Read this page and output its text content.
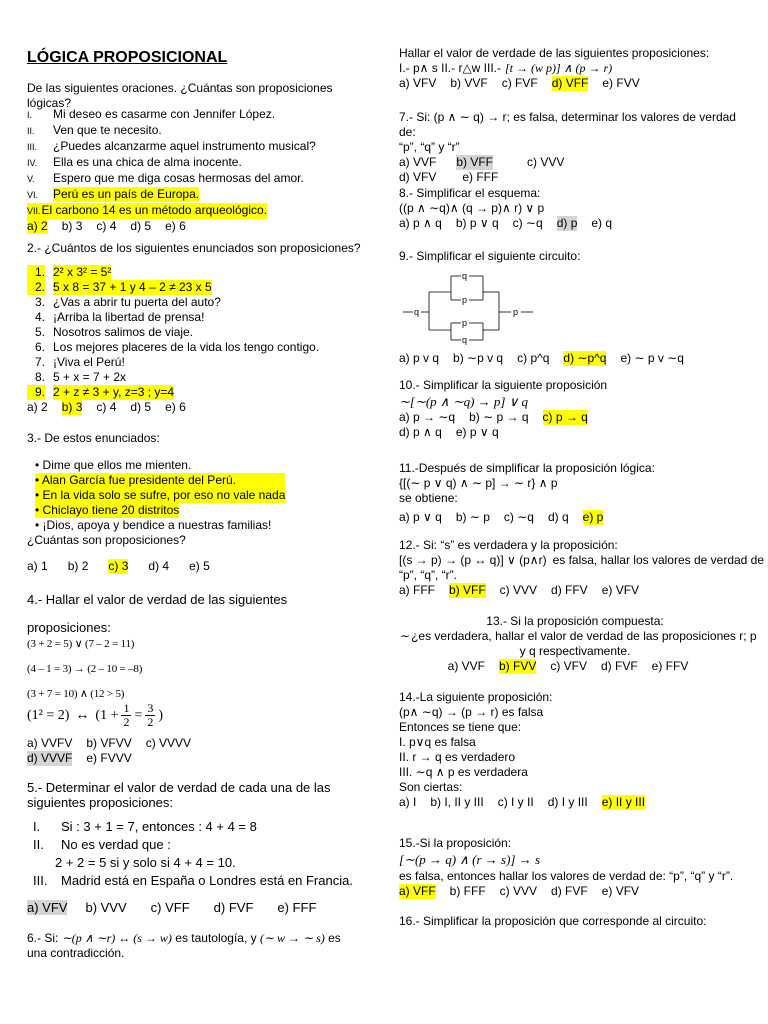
LÓGICA PROPOSICIONAL
De las siguientes oraciones. ¿Cuántas son proposiciones lógicas?
I.	Mi deseo es casarme con Jennifer López.
II.	Ven que te necesito.
III.	¿Puedes alcanzarme aquel instrumento musical?
IV.	Ella es una chica de alma inocente.
V.	Espero que me diga cosas hermosas del amor.
VI.	Perú es un país de Europa.
VII. El carbono 14 es un método arqueológico.
a) 2 b) 3 c) 4 d) 5 e) 6
2.- ¿Cuántos de los siguientes enunciados son proposiciones?
1. 2² x 3² = 5²
2. 5 x 8 = 37 + 1 y 4 – 2 ≠ 23 x 5
3. ¿Vas a abrir tu puerta del auto?
4. ¡Arriba la libertad de prensa!
5. Nosotros salimos de viaje.
6. Los mejores placeres de la vida los tengo contigo.
7. ¡Viva el Perú!
8. 5 + x = 7 + 2x
9. 2 + z ≠ 3 + y, z=3 ; y=4
a) 2 b) 3 c) 4 d) 5 e) 6
3.- De estos enunciados:
• Dime que ellos me mienten.
• Alan García fue presidente del Perú.
• En la vida solo se sufre, por eso no vale nada
• Chiclayo tiene 20 distritos
• ¡Dios, apoya y bendice a nuestras familias!
¿Cuántas son proposiciones?
a) 1 b) 2 c) 3 d) 4 e) 5
4.- Hallar el valor de verdad de las siguientes
proposiciones:
(3 + 2 = 5) ∨ (7 – 2 = 11)
(4 – 1 = 3) → (2 – 10 = –8)
(3 + 7 = 10) ∧ (12 > 5)
(1² = 2) ↔ ($1 + \frac{1}{2} = \frac{3}{2}$ )
a) VVFV b) VFVV c) VVVV
d) VVVF e) FVVV
5.- Determinar el valor de verdad de cada una de las
siguientes proposiciones:
I.	Si : 3 + 1 = 7, entonces : 4 + 4 = 8
II.	No es verdad que :
2 + 2 = 5 si y solo si 4 + 4 = 10.
III.	Madrid está en España o Londres está en Francia.
a) VFV b) VVV c) VFF d) FVF e) FFF
6.- Si: ∼(p ∧ ∼r) ↔ (s → w) es tautología, y (∼ w → ∼ s) es
una contradicción.
Hallar el valor de verdade de las siguientes proposiciones:
I.- p∧ s II.- r△w III.- [t → (w p)] ∧ (p → r)
a) VFV b) VVF c) FVF d) VFF e) FVV
7.- Si: (p ∧ ∼ q) → r; es falsa, determinar los valores de verdad de:
“p”, “q” y “r”
a) VVF b) VFF	c) VVV
d) VFV e) FFF
8.- Simplificar el esquema:
((p ∧ ∼q)∧ (q → p)∧ r) ∨ p
a) p ∧ q b) p ∨ q c) ∼q d) p e) q
9.- Simplificar el siguiente circuito:
q
q
p
p
q
p
a) p v q b) ∼p v q c) p^q d) ∼p^q e) ∼ p v ∼q
10.- Simplificar la siguiente proposición
∼[∼(p ∧ ∼q) → p] ∨ q
a) p → ∼q b) ∼ p → q c) p → q
d) p ∧ q e) p ∨ q
11.-Después de simplificar la proposición lógica:
{[(∼ p ∨ q) ∧ ∼ p] → ∼ r} ∧ p
se obtiene:
a) p ∨ q b) ∼ p c) ∼q d) q e) p
12.- Si: “s” es verdadera y la proposición:
[(s → p) → (p ↔ q)] ∨ (p∧r) es falsa, hallar los valores de verdad de
“p”, “q”, “r”.
a) FFF b) VFF c) VVV d) FFV e) VFV
13.- Si la proposición compuesta:
∼ ¿es verdadera, hallar el valor de verdad de las proposiciones r; p
y q respectivamente.
a) VVF b) FVV c) VFV d) FVF e) FFV
14.-La siguiente proposición:
(p∧ ∼q) → (p → r) es falsa
Entonces se tiene que:
I. p∨q es falsa
II. r → q es verdadero
III. ∼q ∧ p es verdadera
Son ciertas:
a) I b) I, II y III c) I y II d) I y III e) II y III
15.-Si la proposición:
[∼(p → q) ∧ (r → s)] → s
es falsa, entonces hallar los valores de verdad de: “p”, “q” y “r”.
a) VFF b) FFF c) VVV d) FVF e) VFV
16.- Simplificar la proposición que corresponde al circuito:
